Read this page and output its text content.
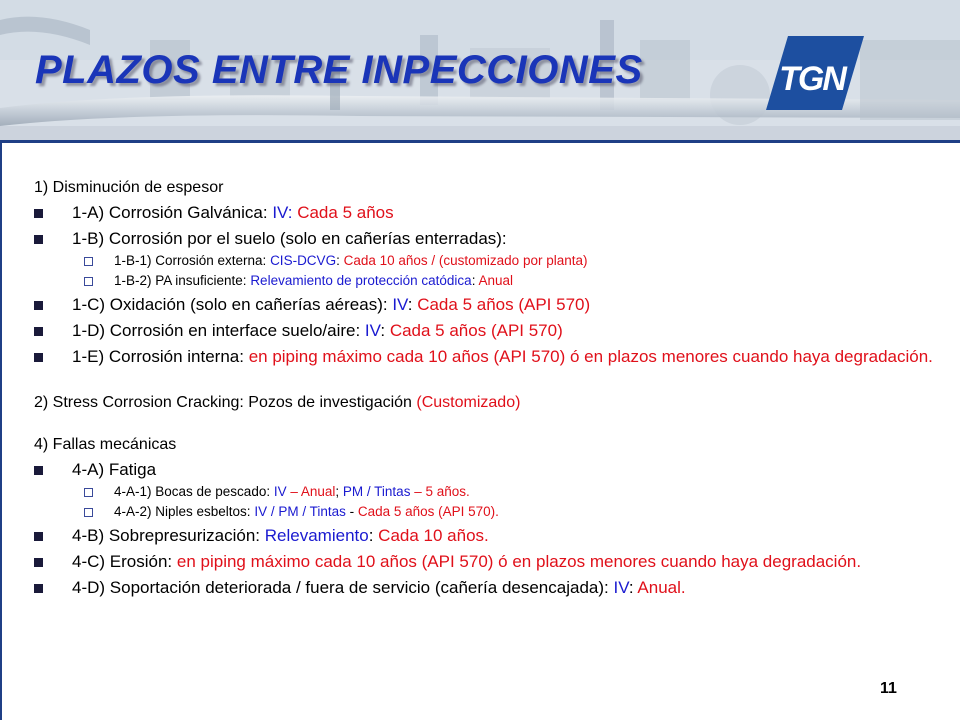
PLAZOS ENTRE INPECCIONES	TGN
1) Disminución de espesor
1-A) Corrosión Galvánica: IV: Cada 5 años
1-B) Corrosión por el suelo (solo en cañerías enterradas):
1-B-1) Corrosión externa: CIS-DCVG: Cada 10 años / (customizado por planta)
1-B-2) PA insuficiente: Relevamiento de protección catódica: Anual
1-C) Oxidación (solo en cañerías aéreas): IV: Cada 5 años (API 570)
1-D) Corrosión en interface suelo/aire: IV: Cada 5 años (API 570)
1-E) Corrosión interna: en piping máximo cada 10 años (API 570) ó en plazos menores cuando haya degradación.
2) Stress Corrosion Cracking: Pozos de investigación (Customizado)
4) Fallas mecánicas
4-A) Fatiga
4-A-1) Bocas de pescado: IV – Anual; PM / Tintas – 5 años.
4-A-2) Niples esbeltos: IV / PM / Tintas - Cada 5 años (API 570).
4-B) Sobrepresurización: Relevamiento: Cada 10 años.
4-C) Erosión: en piping máximo cada 10 años (API 570) ó en plazos menores cuando haya degradación.
4-D) Soportación deteriorada / fuera de servicio (cañería desencajada): IV: Anual.
11
